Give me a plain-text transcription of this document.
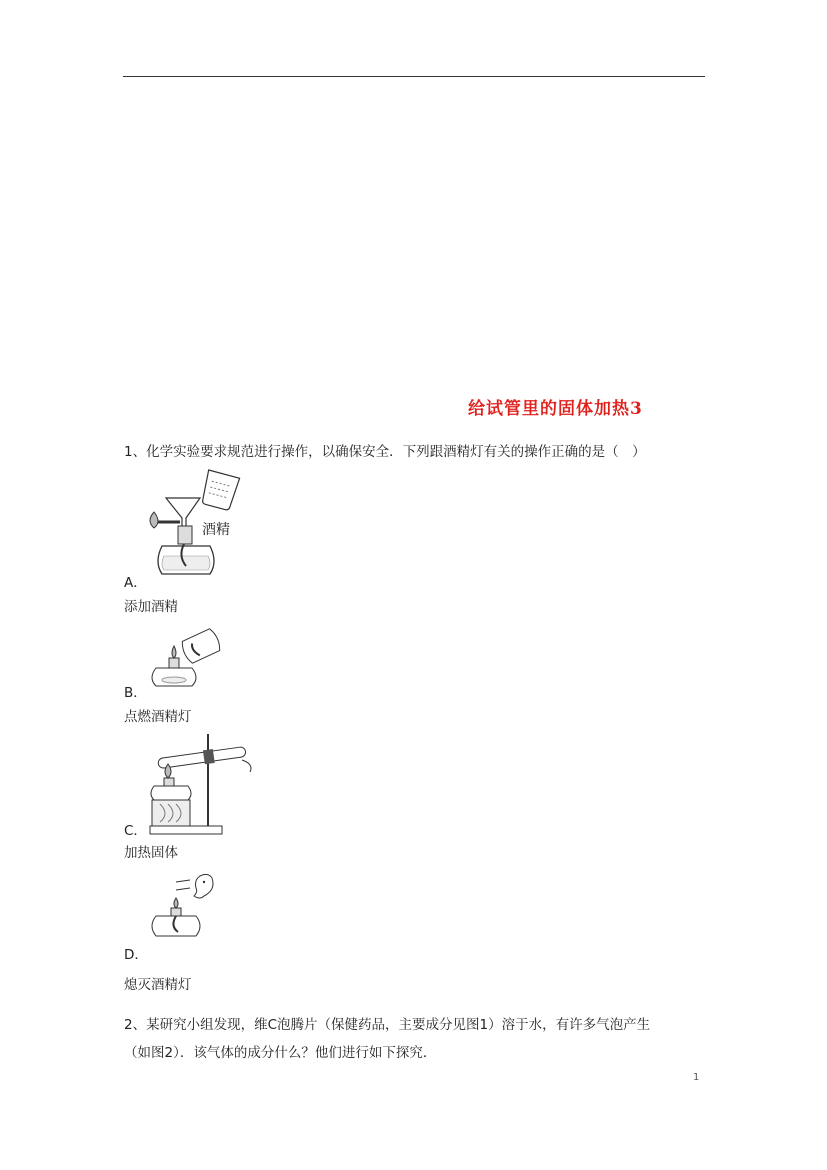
给试管里的固体加热3
1、化学实验要求规范进行操作，以确保安全．下列跟酒精灯有关的操作正确的是（　）
酒精
A．
添加酒精
B．
点燃酒精灯
C．
加热固体
D．
熄灭酒精灯
2、某研究小组发现，维C泡腾片（保健药品，主要成分见图1）溶于水，有许多气泡产生
（如图2）．该气体的成分什么？他们进行如下探究．
1
